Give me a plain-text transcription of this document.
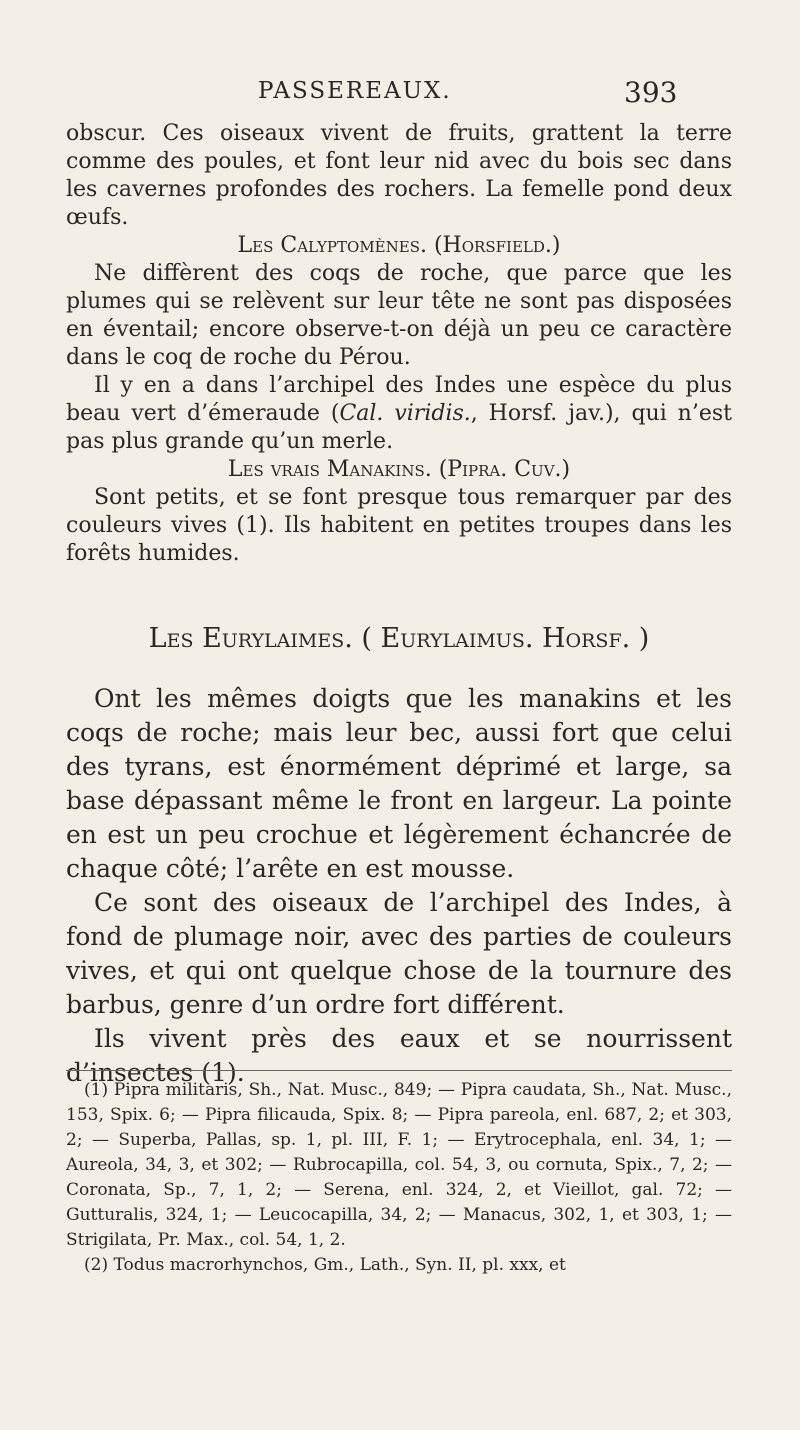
PASSEREAUX.	393

obscur. Ces oiseaux vivent de fruits, grattent la terre comme des poules, et font leur nid avec du bois sec dans les cavernes profondes des rochers. La femelle pond deux œufs.

Les Calyptomènes. (Horsfield.)

Ne diffèrent des coqs de roche, que parce que les plumes qui se relèvent sur leur tête ne sont pas disposées en éventail; encore observe-t-on déjà un peu ce caractère dans le coq de roche du Pérou.

Il y en a dans l’archipel des Indes une espèce du plus beau vert d’émeraude (Cal. viridis., Horsf. jav.), qui n’est pas plus grande qu’un merle.

Les vrais Manakins. (Pipra. Cuv.)

Sont petits, et se font presque tous remarquer par des couleurs vives (1). Ils habitent en petites troupes dans les forêts humides.

Les Eurylaimes. ( Eurylaimus. Horsf. )

Ont les mêmes doigts que les manakins et les coqs de roche; mais leur bec, aussi fort que celui des tyrans, est énormément déprimé et large, sa base dépassant même le front en largeur. La pointe en est un peu crochue et légèrement échancrée de chaque côté; l’arête en est mousse.

Ce sont des oiseaux de l’archipel des Indes, à fond de plumage noir, avec des parties de couleurs vives, et qui ont quelque chose de la tournure des barbus, genre d’un ordre fort différent.

Ils vivent près des eaux et se nourrissent d’insectes (1).

(1) Pipra militaris, Sh., Nat. Musc., 849; — Pipra caudata, Sh., Nat. Musc., 153, Spix. 6; — Pipra filicauda, Spix. 8; — Pipra pareola, enl. 687, 2; et 303, 2; — Superba, Pallas, sp. 1, pl. III, F. 1; — Erytrocephala, enl. 34, 1; — Aureola, 34, 3, et 302; — Rubrocapilla, col. 54, 3, ou cornuta, Spix., 7, 2; — Coronata, Sp., 7, 1, 2; — Serena, enl. 324, 2, et Vieillot, gal. 72; — Gutturalis, 324, 1; — Leucocapilla, 34, 2; — Manacus, 302, 1, et 303, 1; — Strigilata, Pr. Max., col. 54, 1, 2.

(2) Todus macrorhynchos, Gm., Lath., Syn. II, pl. xxx, et
